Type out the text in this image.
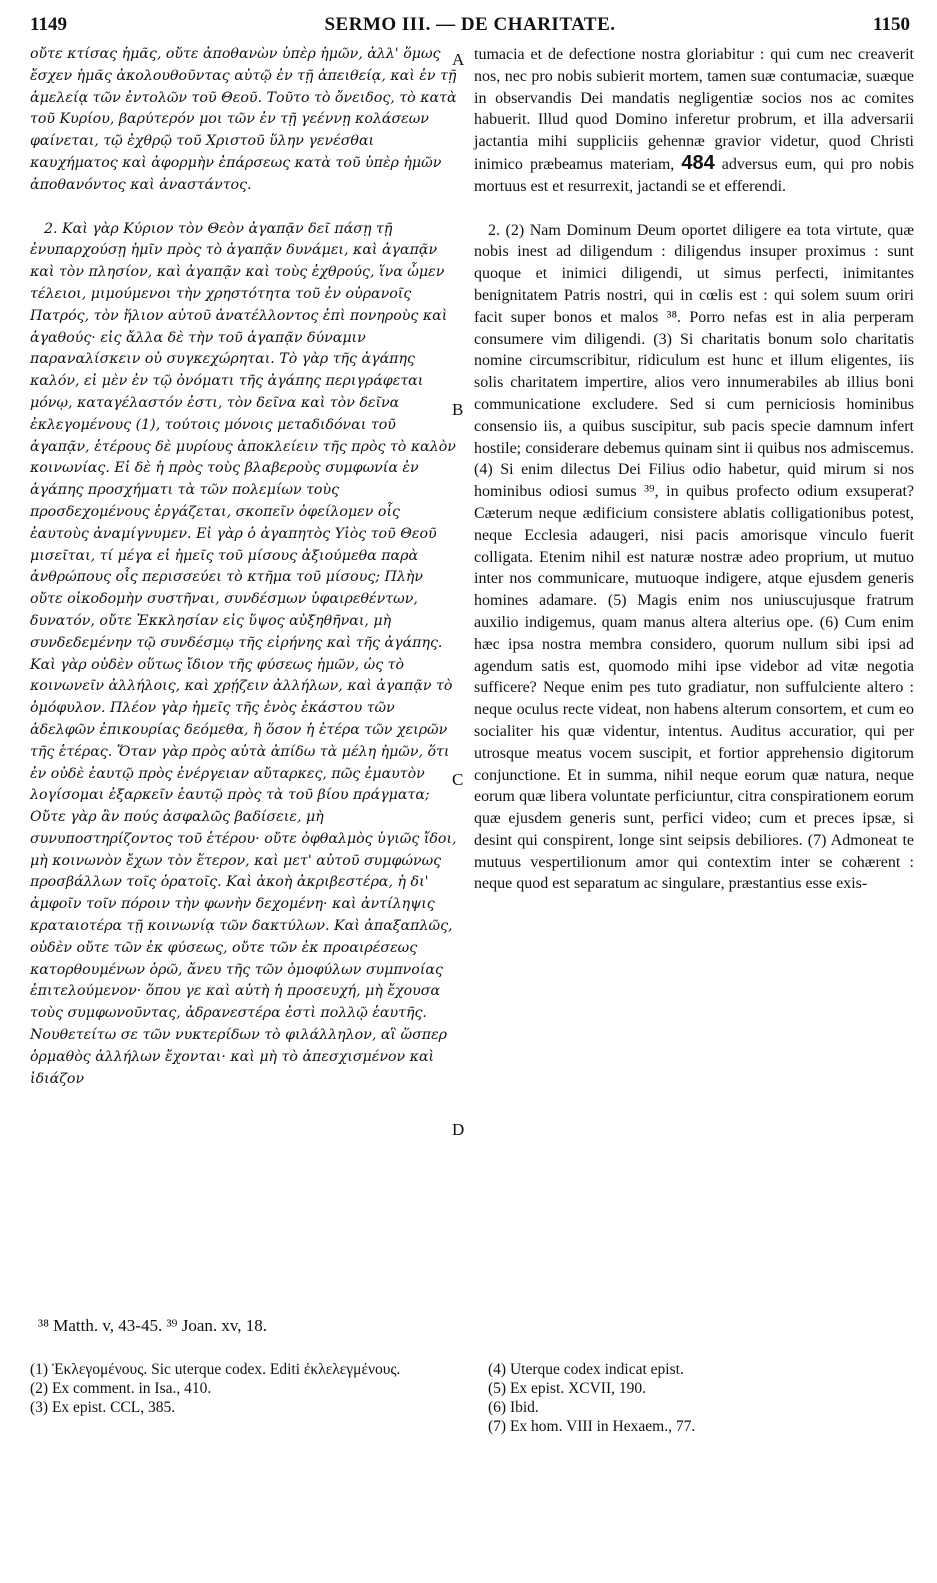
1149	SERMO III. — DE CHARITATE.	1150

οὔτε κτίσας ἡμᾶς, οὔτε ἀποθανὼν ὑπὲρ ἡμῶν, ἀλλ' ὅμως ἔσχεν ἡμᾶς ἀκολουθοῦντας αὐτῷ ἐν τῇ ἀπειθείᾳ, καὶ ἐν τῇ ἀμελείᾳ τῶν ἐντολῶν τοῦ Θεοῦ. Τοῦτο τὸ ὄνειδος, τὸ κατὰ τοῦ Κυρίου, βαρύτερόν μοι τῶν ἐν τῇ γεέννῃ κολάσεων φαίνεται, τῷ ἐχθρῷ τοῦ Χριστοῦ ὕλην γενέσθαι καυχήματος καὶ ἀφορμὴν ἐπάρσεως κατὰ τοῦ ὑπὲρ ἡμῶν ἀποθανόντος καὶ ἀναστάντος.

2. Καὶ γὰρ Κύριον τὸν Θεὸν ἀγαπᾷν δεῖ πάσῃ τῇ ἐνυπαρχούσῃ ἡμῖν πρὸς τὸ ἀγαπᾷν δυνάμει, καὶ ἀγαπᾷν καὶ τὸν πλησίον, καὶ ἀγαπᾷν καὶ τοὺς ἐχθρούς, ἵνα ὦμεν τέλειοι, μιμούμενοι τὴν χρηστότητα τοῦ ἐν οὐρανοῖς Πατρός, τὸν ἥλιον αὐτοῦ ἀνατέλλοντος ἐπὶ πονηροὺς καὶ ἀγαθούς· εἰς ἄλλα δὲ τὴν τοῦ ἀγαπᾷν δύναμιν παραναλίσκειν οὐ συγκεχώρηται. Τὸ γὰρ τῆς ἀγάπης καλόν, εἰ μὲν ἐν τῷ ὀνόματι τῆς ἀγάπης περιγράφεται μόνῳ, καταγέλαστόν ἐστι, τὸν δεῖνα καὶ τὸν δεῖνα ἐκλεγομένους (1), τούτοις μόνοις μεταδιδόναι τοῦ ἀγαπᾷν, ἑτέρους δὲ μυρίους ἀποκλείειν τῆς πρὸς τὸ καλὸν κοινωνίας. Εἰ δὲ ἡ πρὸς τοὺς βλαβεροὺς συμφωνία ἐν ἀγάπης προσχήματι τὰ τῶν πολεμίων τοὺς προσδεχομένους ἐργάζεται, σκοπεῖν ὀφείλομεν οἷς ἑαυτοὺς ἀναμίγνυμεν. Εἰ γὰρ ὁ ἀγαπητὸς Υἱὸς τοῦ Θεοῦ μισεῖται, τί μέγα εἰ ἡμεῖς τοῦ μίσους ἀξιούμεθα παρὰ ἀνθρώπους οἷς περισσεύει τὸ κτῆμα τοῦ μίσους; Πλὴν οὔτε οἰκοδομὴν συστῆναι, συνδέσμων ὑφαιρεθέντων, δυνατόν, οὔτε Ἐκκλησίαν εἰς ὕψος αὐξηθῆναι, μὴ συνδεδεμένην τῷ συνδέσμῳ τῆς εἰρήνης καὶ τῆς ἀγάπης. Καὶ γὰρ οὐδὲν οὕτως ἴδιον τῆς φύσεως ἡμῶν, ὡς τὸ κοινωνεῖν ἀλλήλοις, καὶ χρῄζειν ἀλλήλων, καὶ ἀγαπᾷν τὸ ὁμόφυλον. Πλέον γὰρ ἡμεῖς τῆς ἑνὸς ἑκάστου τῶν ἀδελφῶν ἐπικουρίας δεόμεθα, ἢ ὅσον ἡ ἑτέρα τῶν χειρῶν τῆς ἑτέρας. Ὅταν γὰρ πρὸς αὐτὰ ἀπίδω τὰ μέλη ἡμῶν, ὅτι ἐν οὐδὲ ἑαυτῷ πρὸς ἐνέργειαν αὔταρκες, πῶς ἐμαυτὸν λογίσομαι ἐξαρκεῖν ἑαυτῷ πρὸς τὰ τοῦ βίου πράγματα; Οὔτε γὰρ ἂν πούς ἀσφαλῶς βαδίσειε, μὴ συνυποστηρίζοντος τοῦ ἑτέρου· οὔτε ὀφθαλμὸς ὑγιῶς ἴδοι, μὴ κοινωνὸν ἔχων τὸν ἕτερον, καὶ μετ' αὐτοῦ συμφώνως προσβάλλων τοῖς ὁρατοῖς. Καὶ ἀκοὴ ἀκριβεστέρα, ἡ δι' ἀμφοῖν τοῖν πόροιν τὴν φωνὴν δεχομένη· καὶ ἀντίληψις κραταιοτέρα τῇ κοινωνίᾳ τῶν δακτύλων. Καὶ ἁπαξαπλῶς, οὐδὲν οὔτε τῶν ἐκ φύσεως, οὔτε τῶν ἐκ προαιρέσεως κατορθουμένων ὁρῶ, ἄνευ τῆς τῶν ὁμοφύλων συμπνοίας ἐπιτελούμενον· ὅπου γε καὶ αὐτὴ ἡ προσευχή, μὴ ἔχουσα τοὺς συμφωνοῦντας, ἀδρανεστέρα ἐστὶ πολλῷ ἑαυτῆς. Νουθετείτω σε τῶν νυκτερίδων τὸ φιλάλληλον, αἳ ὥσπερ ὁρμαθὸς ἀλλήλων ἔχονται· καὶ μὴ τὸ ἀπεσχισμένον καὶ ἰδιάζον

A
B
C
D

tumacia et de defectione nostra gloriabitur : qui cum nec creaverit nos, nec pro nobis subierit mortem, tamen suæ contumaciæ, suæque in observandis Dei mandatis negligentiæ socios nos ac comites habuerit. Illud quod Domino inferetur probrum, et illa adversarii jactantia mihi suppliciis gehennæ gravior videtur, quod Christi inimico præbeamus materiam, 484 adversus eum, qui pro nobis mortuus est et resurrexit, jactandi se et efferendi.

2. (2) Nam Dominum Deum oportet diligere ea tota virtute, quæ nobis inest ad diligendum : diligendus insuper proximus : sunt quoque et inimici diligendi, ut simus perfecti, inimitantes benignitatem Patris nostri, qui in cœlis est : qui solem suum oriri facit super bonos et malos ³⁸. Porro nefas est in alia perperam consumere vim diligendi. (3) Si charitatis bonum solo charitatis nomine circumscribitur, ridiculum est hunc et illum eligentes, iis solis charitatem impertire, alios vero innumerabiles ab illius boni communicatione excludere. Sed si cum perniciosis hominibus consensio iis, a quibus suscipitur, sub pacis specie damnum infert hostile; considerare debemus quinam sint ii quibus nos admiscemus. (4) Si enim dilectus Dei Filius odio habetur, quid mirum si nos hominibus odiosi sumus ³⁹, in quibus profecto odium exsuperat? Cæterum neque ædificium consistere ablatis colligationibus potest, neque Ecclesia adaugeri, nisi pacis amorisque vinculo fuerit colligata. Etenim nihil est naturæ nostræ adeo proprium, ut mutuo inter nos communicare, mutuoque indigere, atque ejusdem generis homines adamare. (5) Magis enim nos uniuscujusque fratrum auxilio indigemus, quam manus altera alterius ope. (6) Cum enim hæc ipsa nostra membra considero, quorum nullum sibi ipsi ad agendum satis est, quomodo mihi ipse videbor ad vitæ negotia sufficere? Neque enim pes tuto gradiatur, non suffulciente altero : neque oculus recte videat, non habens alterum consortem, et cum eo socialiter his quæ videntur, intentus. Auditus accuratior, qui per utrosque meatus vocem suscipit, et fortior apprehensio digitorum conjunctione. Et in summa, nihil neque eorum quæ natura, neque eorum quæ libera voluntate perficiuntur, citra conspirationem eorum quæ ejusdem generis sunt, perfici video; cum et preces ipsæ, si desint qui conspirent, longe sint seipsis debiliores. (7) Admoneat te mutuus vespertilionum amor qui contextim inter se cohærent : neque quod est separatum ac singulare, præstantius esse exis-

³⁸ Matth. v, 43-45. ³⁹ Joan. xv, 18.

(1) Ἐκλεγομένους. Sic uterque codex. Editi ἐκλελεγμένους.

(2) Ex comment. in Isa., 410.

(3) Ex epist. CCL, 385.

(4) Uterque codex indicat epist.

(5) Ex epist. XCVII, 190.

(6) Ibid.

(7) Ex hom. VIII in Hexaem., 77.
